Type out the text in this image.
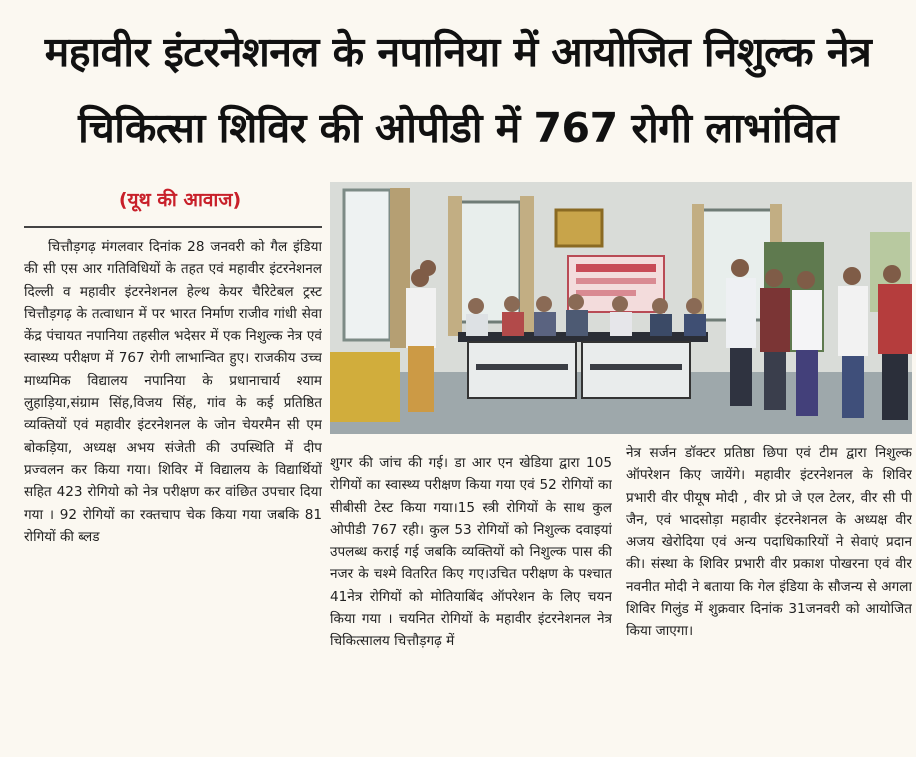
महावीर इंटरनेशनल के नपानिया में आयोजित निशुल्क नेत्र
चिकित्सा शिविर की ओपीडी में 767 रोगी लाभांवित
(यूथ की आवाज)

चित्तौड़गढ़ मंगलवार दिनांक 28 जनवरी को गैल इंडिया की सी एस आर गतिविधियों के तहत एवं महावीर इंटरनेशनल दिल्ली व महावीर इंटरनेशनल हेल्थ केयर चैरिटेबल ट्रस्ट चित्तौड़गढ़ के तत्वाधान में पर भारत निर्माण राजीव गांधी सेवा केंद्र पंचायत नपानिया तहसील भदेसर में एक निशुल्क नेत्र एवं स्वास्थ्य परीक्षण में 767 रोगी लाभान्वित हुए। राजकीय उच्च माध्यमिक विद्यालय नपानिया के प्रधानाचार्य श्याम लुहाड़िया,संग्राम सिंह,विजय सिंह, गांव के कई प्रतिष्ठित व्यक्तियों एवं महावीर इंटरनेशनल के जोन चेयरमैन सी एम बोकड़िया, अध्यक्ष अभय संजेती की उपस्थिति में दीप प्रज्वलन कर किया गया। शिविर में विद्यालय के विद्यार्थियों सहित 423 रोगियो को नेत्र परीक्षण कर वांछित उपचार दिया गया । 92 रोगियों का रक्तचाप चेक किया गया जबकि 81 रोगियों की ब्लड

शुगर की जांच की गई। डा आर एन खेडिया द्वारा 105 रोगियों का स्वास्थ्य परीक्षण किया गया एवं 52 रोगियों का सीबीसी टेस्ट किया गया।15 स्त्री रोगियों के साथ कुल ओपीडी 767 रही। कुल 53 रोगियों को निशुल्क दवाइयां उपलब्ध कराई गई जबकि व्यक्तियों को निशुल्क पास की नजर के चश्मे वितरित किए गए।उचित परीक्षण के पश्चात 41नेत्र रोगियों को मोतियाबिंद ऑपरेशन के लिए चयन किया गया । चयनित रोगियों के महावीर इंटरनेशनल नेत्र चिकित्सालय चित्तौड़गढ़ में

नेत्र सर्जन डॉक्टर प्रतिष्ठा छिपा एवं टीम द्वारा निशुल्क ऑपरेशन किए जायेंगे। महावीर इंटरनेशनल के शिविर प्रभारी वीर पीयूष मोदी , वीर प्रो जे एल टेलर, वीर सी पी जैन, एवं भादसोड़ा महावीर इंटरनेशनल के अध्यक्ष वीर अजय खेरोदिया एवं अन्य पदाधिकारियों ने सेवाएं प्रदान की। संस्था के शिविर प्रभारी वीर प्रकाश पोखरना एवं वीर नवनीत मोदी ने बताया कि गेल इंडिया के सौजन्य से अगला शिविर गिलुंड में शुक्रवार दिनांक 31जनवरी को आयोजित किया जाएगा।
